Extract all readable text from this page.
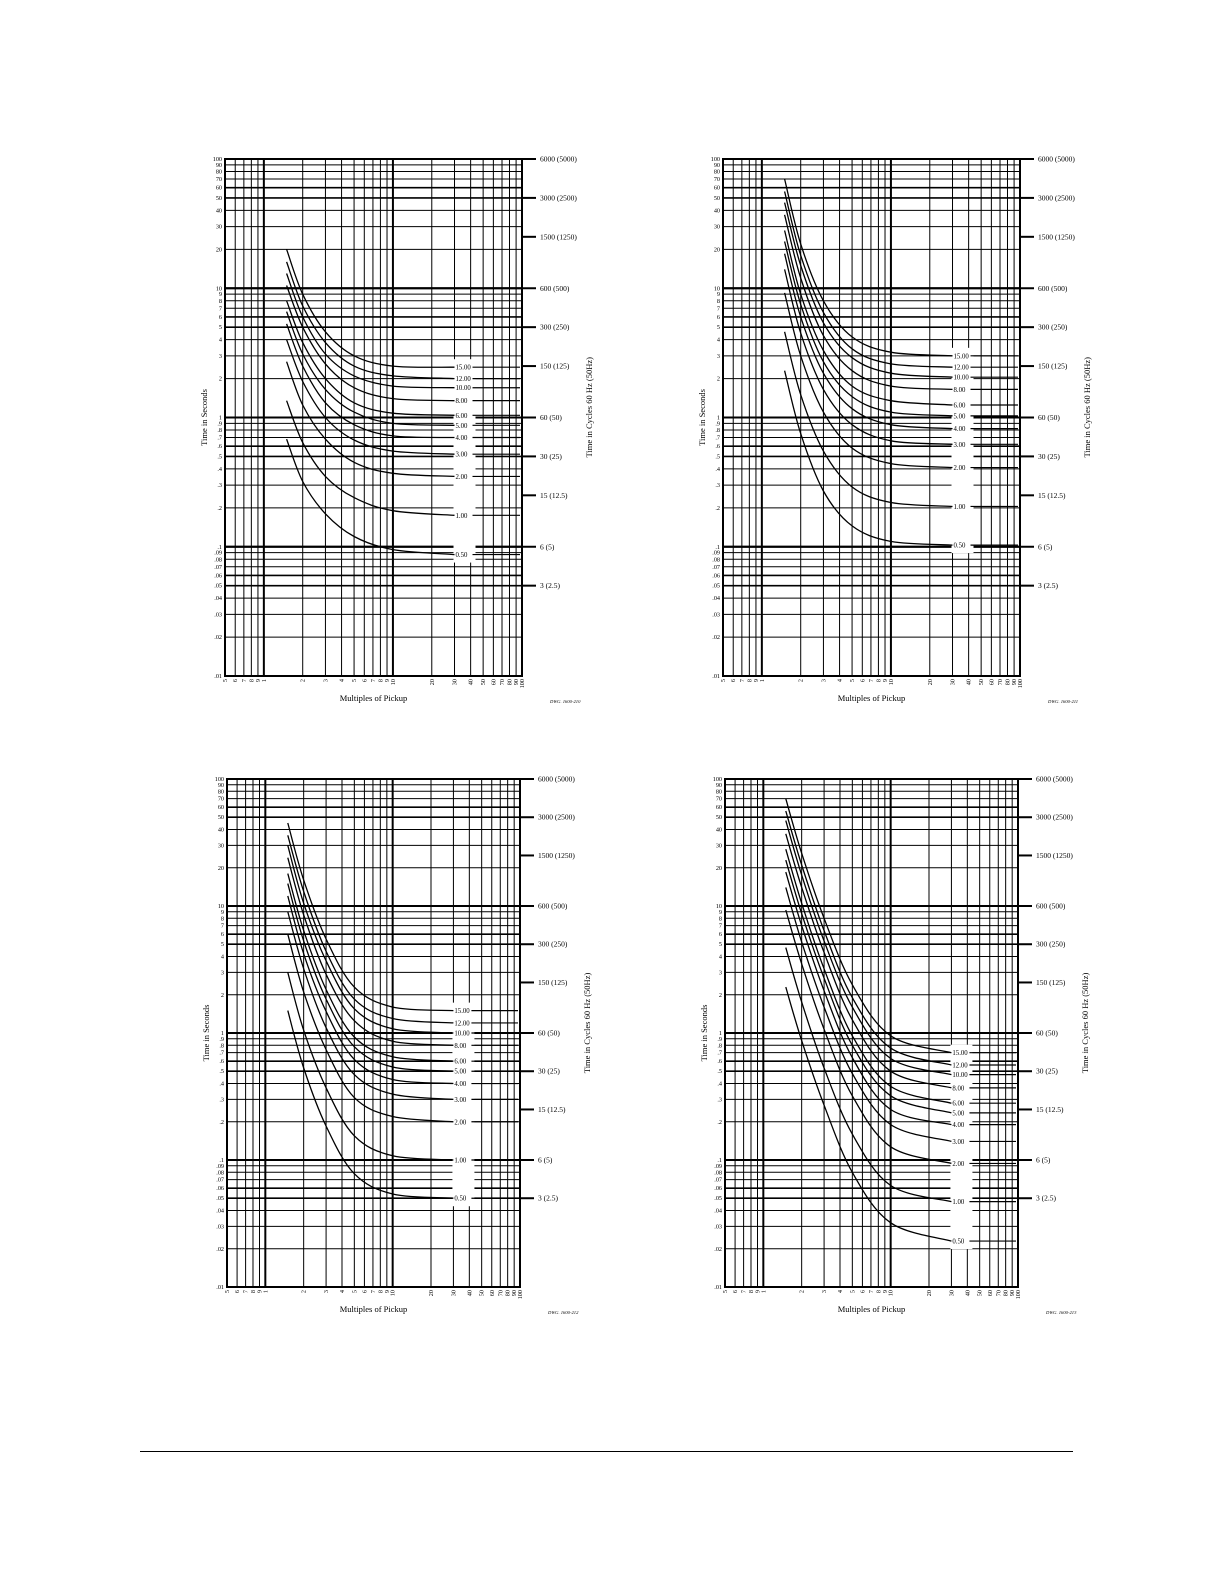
100
90
80
70
60
50
40
30
20
10
9
8
7
6
5
4
3
2
1
.9
.8
.7
.6
.5
.4
.3
.2
.1
.09
.08
.07
.06
.05
.04
.03
.02
.01
5 6 7 8 9
1	2	3 4 5 6 7 8 9
10	20	30 40 50 60 70 80 90
100
6000 (5000)
3000 (2500)
1500 (1250)
600 (500)
300 (250)
150 (125)
60 (50)
30 (25)
15 (12.5)
6 (5)
3 (2.5)
Time in Seconds
Multiples of Pickup
Time in Cycles 60 Hz (50Hz)
DWG. 1600-210
15.00
12.00
10.00
8.00
6.00
5.00
4.00
3.00
2.00
1.00
0.50
100
90
80
70
60
50
40
30
20
10
9
8
7
6
5
4
3
2
1
.9
.8
.7
.6
.5
.4
.3
.2
.1
.09
.08
.07
.06
.05
.04
.03
.02
.01
5 6 7 8 9
1	2	3 4 5 6 7 8 9
10	20	30 40 50 60 70 80 90
100
6000 (5000)
3000 (2500)
1500 (1250)
600 (500)
300 (250)
150 (125)
60 (50)
30 (25)
15 (12.5)
6 (5)
3 (2.5)
Time in Seconds
Multiples of Pickup
Time in Cycles 60 Hz (50Hz)
DWG. 1600-211
15.00
12.00
10.00
8.00
6.00
5.00
4.00
3.00
2.00
1.00
0.50
100
90
80
70
60
50
40
30
20
10
9
8
7
6
5
4
3
2
1
.9
.8
.7
.6
.5
.4
.3
.2
.1
.09
.08
.07
.06
.05
.04
.03
.02
.01
5 6 7 8 9
1	2 3 4 5 6 7 8 9
10	20 30 40 50 60 70 80 90
100
6000 (5000)
3000 (2500)
1500 (1250)
600 (500)
300 (250)
150 (125)
60 (50)
30 (25)
15 (12.5)
6 (5)
3 (2.5)
Time in Seconds
Multiples of Pickup
Time in Cycles 60 Hz (50Hz)
DWG. 1600-212
15.00
12.00
10.00
8.00
6.00
5.00
4.00
3.00
2.00
1.00
0.50
100
90
80
70
60
50
40
30
20
10
9
8
7
6
5
4
3
2
1
.9
.8
.7
.6
.5
.4
.3
.2
.1
.09
.08
.07
.06
.05
.04
.03
.02
.01
5 6 7 8 9
1	2 3 4 5 6 7 8 9
10	20 30 40 50 60 70 80 90
100
6000 (5000)
3000 (2500)
1500 (1250)
600 (500)
300 (250)
150 (125)
60 (50)
30 (25)
15 (12.5)
6 (5)
3 (2.5)
Time in Seconds
Multiples of Pickup
Time in Cycles 60 Hz (50Hz)
DWG. 1600-213
15.00
12.00
10.00
8.00
6.00
5.00
4.00
3.00
2.00
1.00
0.50
